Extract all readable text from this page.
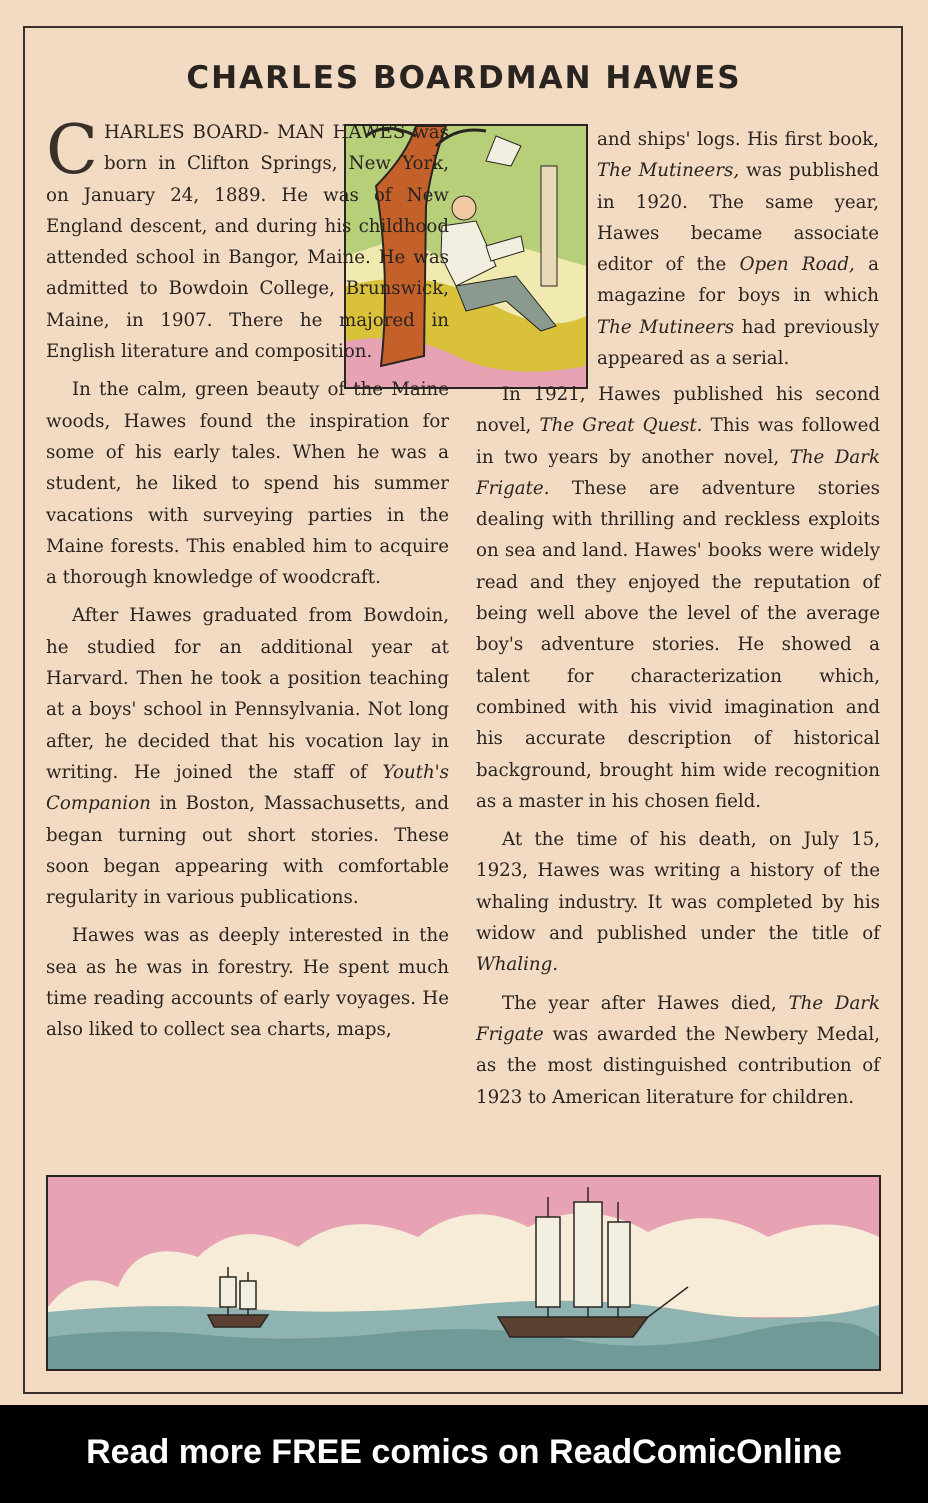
CHARLES BOARDMAN HAWES

CHARLES BOARD- MAN HAWES was born in Clifton Springs, New York, on January 24, 1889. He was of New England descent, and during his childhood attended school in Bangor, Maine. He was admitted to Bowdoin College, Brunswick, Maine, in 1907. There he majored in English literature and composition.

In the calm, green beauty of the Maine woods, Hawes found the inspiration for some of his early tales. When he was a student, he liked to spend his summer vacations with surveying parties in the Maine forests. This enabled him to acquire a thorough knowledge of woodcraft.

After Hawes graduated from Bowdoin, he studied for an additional year at Harvard. Then he took a position teaching at a boys' school in Pennsylvania. Not long after, he decided that his vocation lay in writing. He joined the staff of Youth's Companion in Boston, Massachusetts, and began turning out short stories. These soon began appearing with comfortable regularity in various publications.

Hawes was as deeply interested in the sea as he was in forestry. He spent much time reading accounts of early voyages. He also liked to collect sea charts, maps,

and ships' logs. His first book, The Mutineers, was published in 1920. The same year, Hawes became associate editor of the Open Road, a magazine for boys in which The Mutineers had previously appeared as a serial.

In 1921, Hawes published his second novel, The Great Quest. This was followed in two years by another novel, The Dark Frigate. These are adventure stories dealing with thrilling and reckless exploits on sea and land. Hawes' books were widely read and they enjoyed the reputation of being well above the level of the average boy's adventure stories. He showed a talent for characterization which, combined with his vivid imagination and his accurate description of historical background, brought him wide recognition as a master in his chosen field.

At the time of his death, on July 15, 1923, Hawes was writing a history of the whaling industry. It was completed by his widow and published under the title of Whaling.

The year after Hawes died, The Dark Frigate was awarded the Newbery Medal, as the most distinguished contribution of 1923 to American literature for children.

Read more FREE comics on ReadComicOnline
